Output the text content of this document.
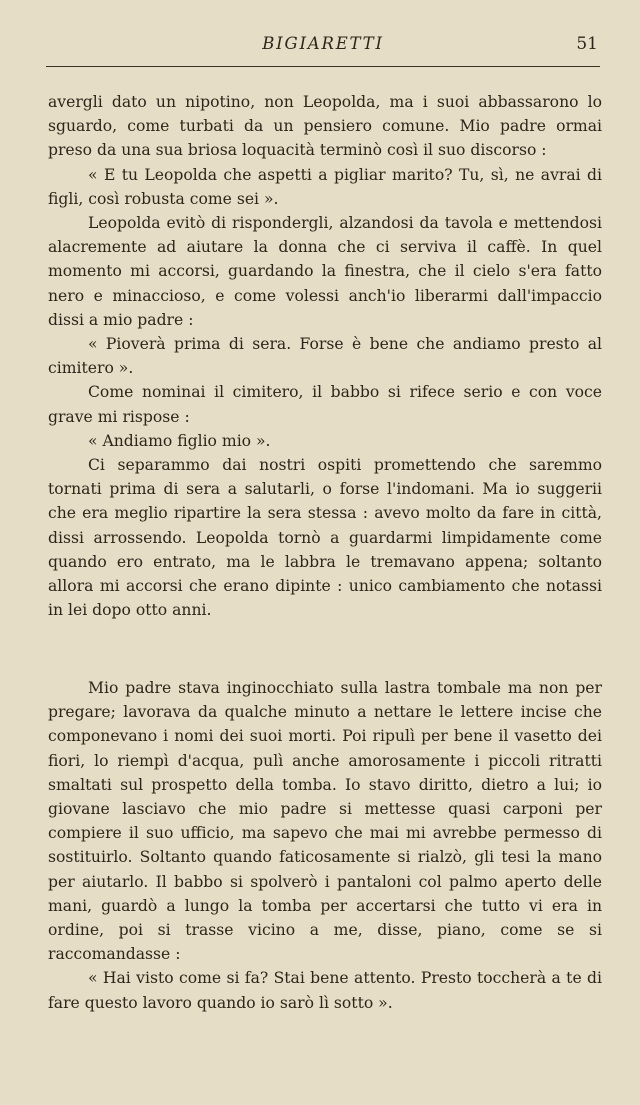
BIGIARETTI	51

avergli dato un nipotino, non Leopolda, ma i suoi abbassarono lo sguardo, come turbati da un pensiero comune. Mio padre ormai preso da una sua briosa loquacità terminò così il suo discorso :

« E tu Leopolda che aspetti a pigliar marito? Tu, sì, ne avrai di figli, così robusta come sei ».

Leopolda evitò di rispondergli, alzandosi da tavola e mettendosi alacremente ad aiutare la donna che ci serviva il caffè. In quel momento mi accorsi, guardando la finestra, che il cielo s'era fatto nero e minaccioso, e come volessi anch'io liberarmi dall'impaccio dissi a mio padre :

« Pioverà prima di sera. Forse è bene che andiamo presto al cimitero ».

Come nominai il cimitero, il babbo si rifece serio e con voce grave mi rispose :

« Andiamo figlio mio ».

Ci separammo dai nostri ospiti promettendo che saremmo tornati prima di sera a salutarli, o forse l'indomani. Ma io suggerii che era meglio ripartire la sera stessa : avevo molto da fare in città, dissi arrossendo. Leopolda tornò a guardarmi limpidamente come quando ero entrato, ma le labbra le tremavano appena; soltanto allora mi accorsi che erano dipinte : unico cambiamento che notassi in lei dopo otto anni.

Mio padre stava inginocchiato sulla lastra tombale ma non per pregare; lavorava da qualche minuto a nettare le lettere incise che componevano i nomi dei suoi morti. Poi ripulì per bene il vasetto dei fiori, lo riempì d'acqua, pulì anche amorosamente i piccoli ritratti smaltati sul prospetto della tomba. Io stavo diritto, dietro a lui; io giovane lasciavo che mio padre si mettesse quasi carponi per compiere il suo ufficio, ma sapevo che mai mi avrebbe permesso di sostituirlo. Soltanto quando faticosamente si rialzò, gli tesi la mano per aiutarlo. Il babbo si spolverò i pantaloni col palmo aperto delle mani, guardò a lungo la tomba per accertarsi che tutto vi era in ordine, poi si trasse vicino a me, disse, piano, come se si raccomandasse :

« Hai visto come si fa? Stai bene attento. Presto toccherà a te di fare questo lavoro quando io sarò lì sotto ».
